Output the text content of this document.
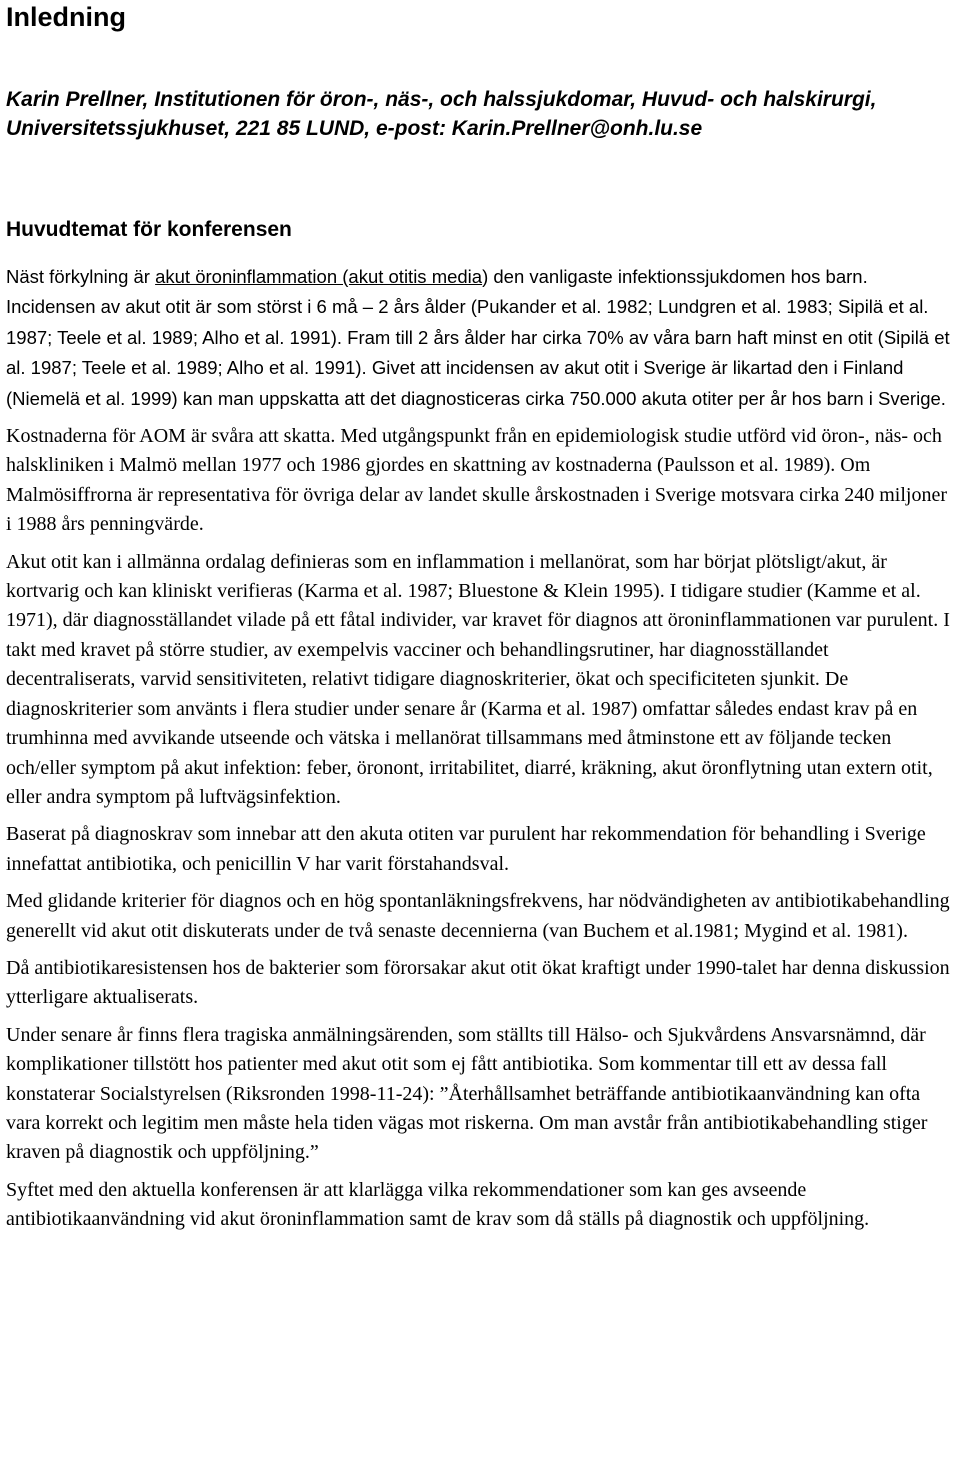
Inledning
Karin Prellner, Institutionen för öron-, näs-, och halssjukdomar, Huvud- och halskirurgi, Universitetssjukhuset, 221 85 LUND, e-post: Karin.Prellner@onh.lu.se
Huvudtemat för konferensen

Näst förkylning är akut öroninflammation (akut otitis media) den vanligaste infektionssjukdomen hos barn. Incidensen av akut otit är som störst i 6 må – 2 års ålder (Pukander et al. 1982; Lundgren et al. 1983; Sipilä et al. 1987; Teele et al. 1989; Alho et al. 1991). Fram till 2 års ålder har cirka 70% av våra barn haft minst en otit (Sipilä et al. 1987; Teele et al. 1989; Alho et al. 1991). Givet att incidensen av akut otit i Sverige är likartad den i Finland (Niemelä et al. 1999) kan man uppskatta att det diagnosticeras cirka 750.000 akuta otiter per år hos barn i Sverige.

Kostnaderna för AOM är svåra att skatta. Med utgångspunkt från en epidemiologisk studie utförd vid öron-, näs- och halskliniken i Malmö mellan 1977 och 1986 gjordes en skattning av kostnaderna (Paulsson et al. 1989). Om Malmösiffrorna är representativa för övriga delar av landet skulle årskostnaden i Sverige motsvara cirka 240 miljoner i 1988 års penningvärde.

Akut otit kan i allmänna ordalag definieras som en inflammation i mellanörat, som har börjat plötsligt/akut, är kortvarig och kan kliniskt verifieras (Karma et al. 1987; Bluestone & Klein 1995). I tidigare studier (Kamme et al. 1971), där diagnosställandet vilade på ett fåtal individer, var kravet för diagnos att öroninflammationen var purulent. I takt med kravet på större studier, av exempelvis vacciner och behandlingsrutiner, har diagnosställandet decentraliserats, varvid sensitiviteten, relativt tidigare diagnoskriterier, ökat och specificiteten sjunkit. De diagnoskriterier som använts i flera studier under senare år (Karma et al. 1987) omfattar således endast krav på en trumhinna med avvikande utseende och vätska i mellanörat tillsammans med åtminstone ett av följande tecken och/eller symptom på akut infektion: feber, öronont, irritabilitet, diarré, kräkning, akut öronflytning utan extern otit, eller andra symptom på luftvägsinfektion.

Baserat på diagnoskrav som innebar att den akuta otiten var purulent har rekommendation för behandling i Sverige innefattat antibiotika, och penicillin V har varit förstahandsval.

Med glidande kriterier för diagnos och en hög spontanläkningsfrekvens, har nödvändigheten av antibiotikabehandling generellt vid akut otit diskuterats under de två senaste decennierna (van Buchem et al.1981; Mygind et al. 1981).

Då antibiotikaresistensen hos de bakterier som förorsakar akut otit ökat kraftigt under 1990-talet har denna diskussion ytterligare aktualiserats.

Under senare år finns flera tragiska anmälningsärenden, som ställts till Hälso- och Sjukvårdens Ansvarsnämnd, där komplikationer tillstött hos patienter med akut otit som ej fått antibiotika. Som kommentar till ett av dessa fall konstaterar Socialstyrelsen (Riksronden 1998-11-24): ”Återhållsamhet beträffande antibiotikaanvändning kan ofta vara korrekt och legitim men måste hela tiden vägas mot riskerna. Om man avstår från antibiotikabehandling stiger kraven på diagnostik och uppföljning.”

Syftet med den aktuella konferensen är att klarlägga vilka rekommendationer som kan ges avseende antibiotikaanvändning vid akut öroninflammation samt de krav som då ställs på diagnostik och uppföljning.
